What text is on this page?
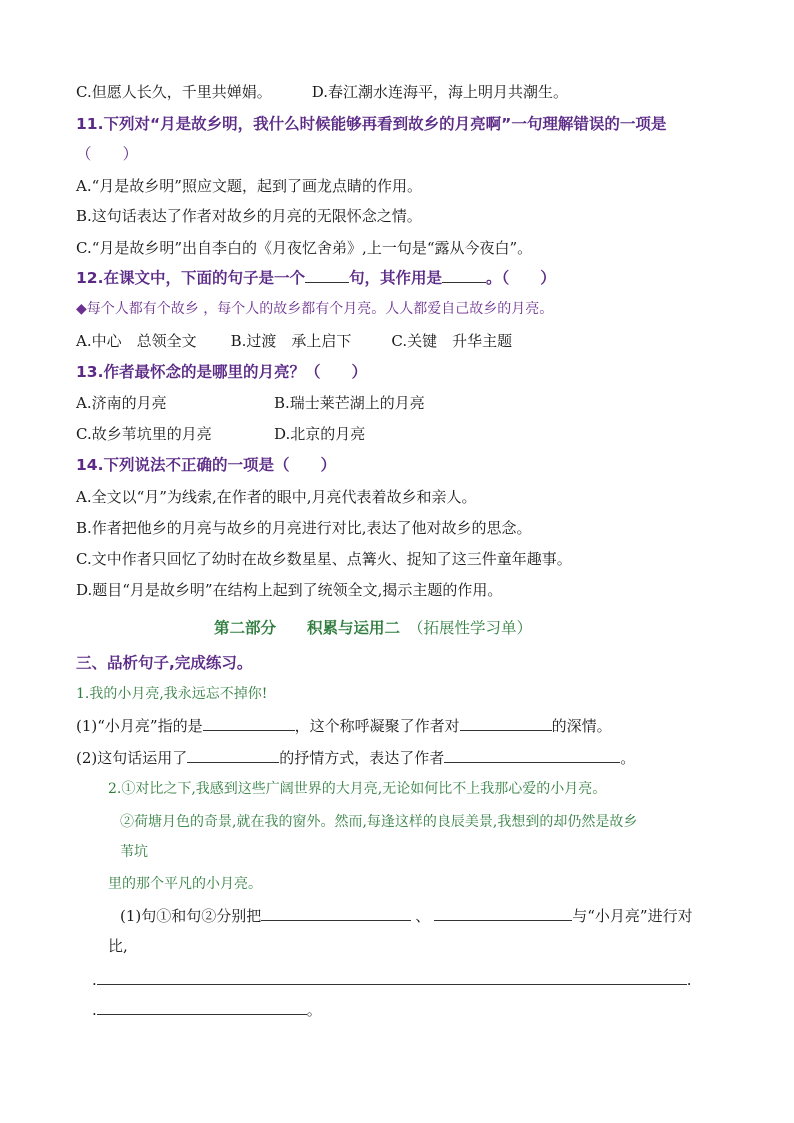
C.但愿人长久，千里共婵娟。	D.春江潮水连海平，海上明月共潮生。
11.下列对“月是故乡明，我什么时候能够再看到故乡的月亮啊”一句理解错误的一项是
（　　）
A.“月是故乡明”照应文题，起到了画龙点睛的作用。
B.这句话表达了作者对故乡的月亮的无限怀念之情。
C.“月是故乡明”出自李白的《月夜忆舍弟》,上一句是“露从今夜白”。
12.在课文中，下面的句子是一个	句，其作用是	。（　　）
◆每个人都有个故乡 ，每个人的故乡都有个月亮。人人都爱自己故乡的月亮。
A.中心　总领全文 B.过渡　承上启下	C.关键　升华主题
13.作者最怀念的是哪里的月亮？（　　）
A.济南的月亮	B.瑞士莱芒湖上的月亮
C.故乡苇坑里的月亮	D.北京的月亮
14.下列说法不正确的一项是（　　）
A.全文以“月”为线索,在作者的眼中,月亮代表着故乡和亲人。
B.作者把他乡的月亮与故乡的月亮进行对比,表达了他对故乡的思念。
C.文中作者只回忆了幼时在故乡数星星、点篝火、捉知了这三件童年趣事。
D.题目“月是故乡明”在结构上起到了统领全文,揭示主题的作用。
第二部分　　积累与运用二 （拓展性学习单）
三、品析句子,完成练习。
1.我的小月亮,我永远忘不掉你!
(1)“小月亮”指的是	，这个称呼凝聚了作者对	的深情。
(2)这句话运用了	的抒情方式，表达了作者	。
2.①对比之下,我感到这些广阔世界的大月亮,无论如何比不上我那心爱的小月亮。
②荷塘月色的奇景,就在我的窗外。然而,每逢这样的良辰美景,我想到的却仍然是故乡
苇坑
里的那个平凡的小月亮。
(1)句①和句②分别把	、	与“小月亮”进行对
比,
.	.
.	。
